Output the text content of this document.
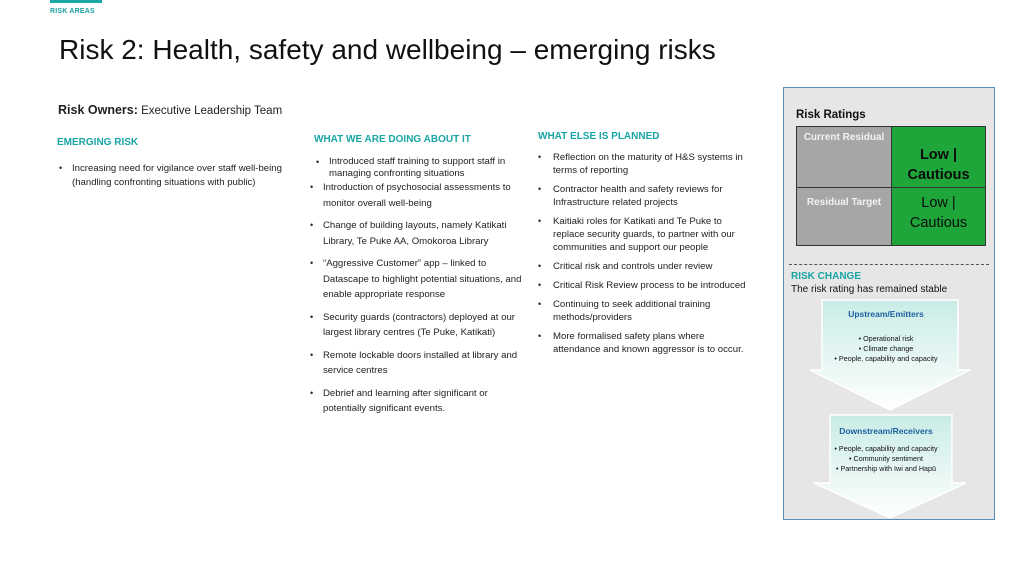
RISK AREAS
Risk 2: Health, safety and wellbeing – emerging risks
Risk Owners: Executive Leadership Team
EMERGING RISK
• Increasing need for vigilance over staff well-being (handling confronting situations with public)
WHAT WE ARE DOING ABOUT IT
• Introduced staff training to support staff in managing confronting situations
• Introduction of psychosocial assessments to monitor overall well-being
• Change of building layouts, namely Katikati Library, Te Puke AA, Omokoroa Library
• “Aggressive Customer” app – linked to Datascape to highlight potential situations, and enable appropriate response
• Security guards (contractors) deployed at our largest library centres (Te Puke, Katikati)
• Remote lockable doors installed at library and service centres
• Debrief and learning after significant or potentially significant events.
WHAT ELSE IS PLANNED
• Reflection on the maturity of H&S systems in terms of reporting
• Contractor health and safety reviews for Infrastructure related projects
• Kaitiaki roles for Katikati and Te Puke to replace security guards, to partner with our communities and support our people
• Critical risk and controls under review
• Critical Risk Review process to be introduced
• Continuing to seek additional training methods/providers
• More formalised safety plans where attendance and known aggressor is to occur.
Risk Ratings
Current Residual
Low | Cautious
Residual Target	Low | Cautious
RISK CHANGE
The risk rating has remained stable
Upstream/Emitters
• Operational risk
• Climate change
• People, capability and capacity
Downstream/Receivers
• People, capability and capacity
• Community sentiment
• Partnership with Iwi and Hapū
